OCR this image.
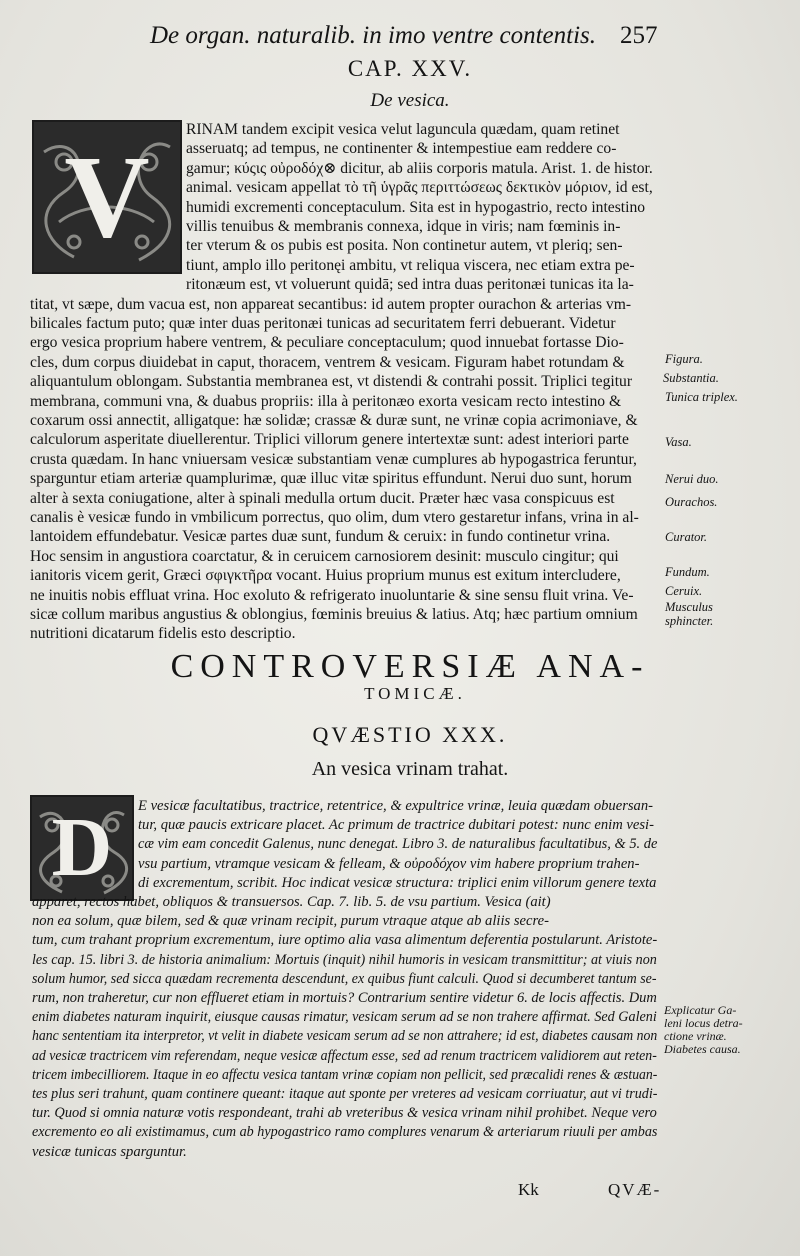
De organ. naturalib. in imo ventre contentis. 257
CAP. XXV.
De vesica.
V
RINAM tandem excipit vesica velut laguncula quædam, quam retinet
asseruatq; ad tempus, ne continenter & intempestiue eam reddere co-
gamur; κύςις οὐροδόχ⊗ dicitur, ab aliis corporis matula. Arist. 1. de histor.
animal. vesicam appellat τὸ τῆ ὑγρᾶς περιττώσεως δεκτικὸν μόριον, id est,
humidi excrementi conceptaculum. Sita est in hypogastrio, recto intestino
villis tenuibus & membranis connexa, idque in viris; nam fœminis in-
ter vterum & os pubis est posita. Non continetur autem, vt pleriq; sen-
tiunt, amplo illo peritonęi ambitu, vt reliqua viscera, nec etiam extra pe-
ritonæum est, vt voluerunt quidā; sed intra duas peritonæi tunicas ita la-
titat, vt sæpe, dum vacua est, non appareat secantibus: id autem propter ourachon & arterias vm-
bilicales factum puto; quæ inter duas peritonæi tunicas ad securitatem ferri debuerant. Videtur
ergo vesica proprium habere ventrem, & peculiare conceptaculum; quod innuebat fortasse Dio-
cles, dum corpus diuidebat in caput, thoracem, ventrem & vesicam. Figuram habet rotundam &
aliquantulum oblongam. Substantia membranea est, vt distendi & contrahi possit. Triplici tegitur
membrana, communi vna, & duabus propriis: illa à peritonæo exorta vesicam recto intestino &
coxarum ossi annectit, alligatque: hæ solidæ; crassæ & duræ sunt, ne vrinæ copia acrimoniave, &
calculorum asperitate diuellerentur. Triplici villorum genere intertextæ sunt: adest interiori parte
crusta quædam. In hanc vniuersam vesicæ substantiam venæ cumplures ab hypogastrica feruntur,
sparguntur etiam arteriæ quamplurimæ, quæ illuc vitæ spiritus effundunt. Nerui duo sunt, horum
alter à sexta coniugatione, alter à spinali medulla ortum ducit. Præter hæc vasa conspicuus est
canalis è vesicæ fundo in vmbilicum porrectus, quo olim, dum vtero gestaretur infans, vrina in al-
lantoidem effundebatur. Vesicæ partes duæ sunt, fundum & ceruix: in fundo continetur vrina.
Hoc sensim in angustiora coarctatur, & in ceruicem carnosiorem desinit: musculo cingitur; qui
ianitoris vicem gerit, Græci σφιγκτῆρα vocant. Huius proprium munus est exitum intercludere,
ne inuitis nobis effluat vrina. Hoc exoluto & refrigerato inuoluntarie & sine sensu fluit vrina. Ve-
sicæ collum maribus angustius & oblongius, fœminis breuius & latius. Atq; hæc partium omnium
nutritioni dicatarum fidelis esto descriptio.
Figura.
Substantia.
Tunica triplex.
Vasa.
Nerui duo.
Ourachos.
Curator.
Fundum.
Ceruix.
Musculus
sphincter.
CONTROVERSIÆ ANA-
TOMICÆ.
QVÆSTIO XXX.
An vesica vrinam trahat.
D E vesicæ facultatibus, tractrice, retentrice, & expultrice vrinæ, leuia quædam obuersan-
tur, quæ paucis extricare placet. Ac primum de tractrice dubitari potest: nunc enim vesi-
cæ vim eam concedit Galenus, nunc denegat. Libro 3. de naturalibus facultatibus, & 5. de
vsu partium, vtramque vesicam & felleam, & οὐροδόχον vim habere proprium trahen-
di excrementum, scribit. Hoc indicat vesicæ structura: triplici enim villorum genere texta
apparet, rectos habet, obliquos & transuersos. Cap. 7. lib. 5. de vsu partium. Vesica (ait)
non ea solum, quæ bilem, sed & quæ vrinam recipit, purum vtraque atque ab aliis secre-
tum, cum trahant proprium excrementum, iure optimo alia vasa alimentum deferentia postularunt. Aristote-
les cap. 15. libri 3. de historia animalium: Mortuis (inquit) nihil humoris in vesicam transmittitur; at viuis non
solum humor, sed sicca quædam recrementa descendunt, ex quibus fiunt calculi. Quod si decumberet tantum se-
rum, non traheretur, cur non efflueret etiam in mortuis? Contrarium sentire videtur 6. de locis affectis. Dum
enim diabetes naturam inquirit, eiusque causas rimatur, vesicam serum ad se non trahere affirmat. Sed Galeni
hanc sententiam ita interpretor, vt velit in diabete vesicam serum ad se non attrahere; id est, diabetes causam non
ad vesicæ tractricem vim referendam, neque vesicæ affectum esse, sed ad renum tractricem validiorem aut reten-
tricem imbecilliorem. Itaque in eo affectu vesica tantam vrinæ copiam non pellicit, sed præcalidi renes & æstuan-
tes plus seri trahunt, quam continere queant: itaque aut sponte per vreteres ad vesicam corriuatur, aut vi trudi-
tur. Quod si omnia naturæ votis respondeant, trahi ab vreteribus & vesica vrinam nihil prohibet. Neque vero
excremento eo ali existimamus, cum ab hypogastrico ramo complures venarum & arteriarum riuuli per ambas
vesicæ tunicas sparguntur.
Explicatur Ga-
leni locus detra-
ctione vrinæ.
Diabetes causa.
Kk	QVÆ-
